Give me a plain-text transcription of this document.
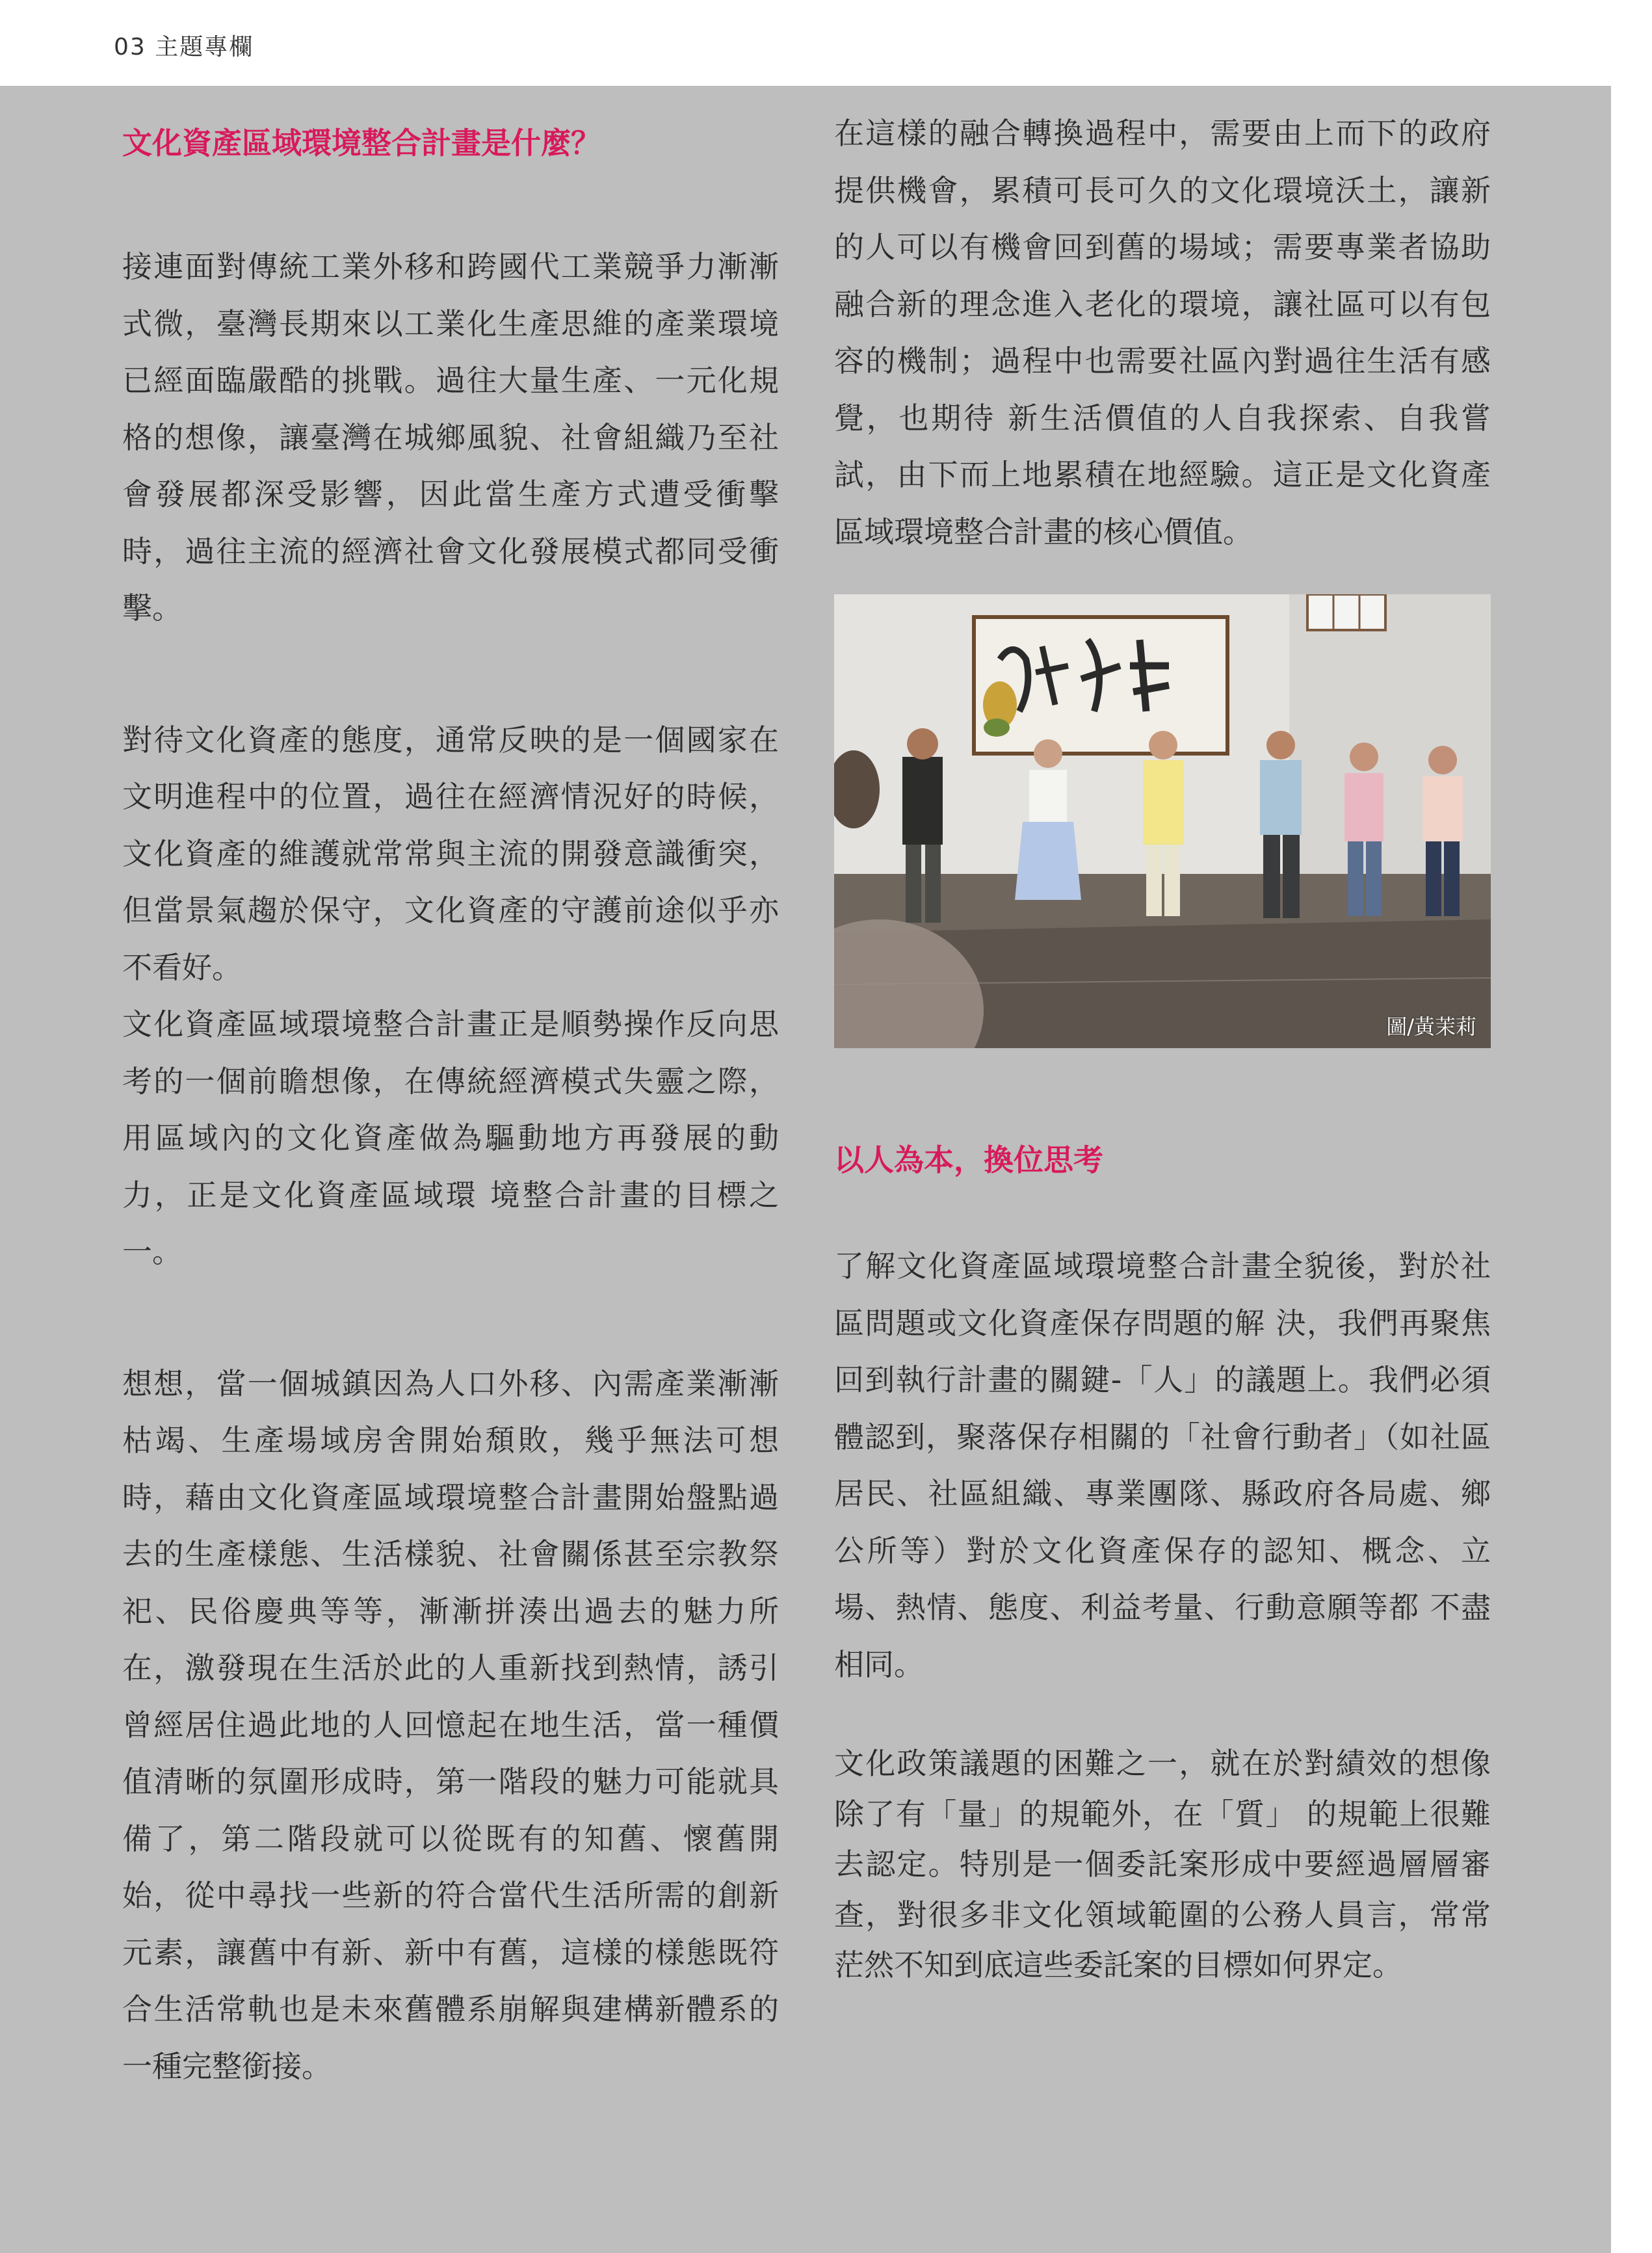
03 主題專欄
文化資產區域環境整合計畫是什麼？

接連面對傳統工業外移和跨國代工業競爭力漸漸式微，臺灣長期來以工業化生產思維的產業環境已經面臨嚴酷的挑戰。過往大量生產、一元化規格的想像，讓臺灣在城鄉風貌、社會組織乃至社會發展都深受影響，因此當生產方式遭受衝擊時，過往主流的經濟社會文化發展模式都同受衝擊。

對待文化資產的態度，通常反映的是一個國家在文明進程中的位置，過往在經濟情況好的時候，文化資產的維護就常常與主流的開發意識衝突，但當景氣趨於保守，文化資產的守護前途似乎亦不看好。

文化資產區域環境整合計畫正是順勢操作反向思考的一個前瞻想像，在傳統經濟模式失靈之際，用區域內的文化資產做為驅動地方再發展的動力，正是文化資產區域環 境整合計畫的目標之一。

想想，當一個城鎮因為人口外移、內需產業漸漸枯竭、生產場域房舍開始頹敗，幾乎無法可想時，藉由文化資產區域環境整合計畫開始盤點過去的生產樣態、生活樣貌、社會關係甚至宗教祭祀、民俗慶典等等，漸漸拼湊出過去的魅力所在，激發現在生活於此的人重新找到熱情，誘引曾經居住過此地的人回憶起在地生活，當一種價值清晰的氛圍形成時，第一階段的魅力可能就具備了，第二階段就可以從既有的知舊、懷舊開始，從中尋找一些新的符合當代生活所需的創新元素，讓舊中有新、新中有舊，這樣的樣態既符合生活常軌也是未來舊體系崩解與建構新體系的一種完整銜接。

在這樣的融合轉換過程中，需要由上而下的政府提供機會，累積可長可久的文化環境沃土，讓新的人可以有機會回到舊的場域；需要專業者協助融合新的理念進入老化的環境，讓社區可以有包容的機制；過程中也需要社區內對過往生活有感覺，也期待 新生活價值的人自我探索、自我嘗試，由下而上地累積在地經驗。這正是文化資產區域環境整合計畫的核心價值。

圖/黃茉莉
以人為本，換位思考

了解文化資產區域環境整合計畫全貌後，對於社區問題或文化資產保存問題的解 決，我們再聚焦回到執行計畫的關鍵-「人」的議題上。我們必須體認到，聚落保存相關的「社會行動者」（如社區居民、社區組織、專業團隊、縣政府各局處、鄉公所等）對於文化資產保存的認知、概念、立場、熱情、態度、利益考量、行動意願等都 不盡相同。

文化政策議題的困難之一，就在於對績效的想像除了有「量」的規範外，在「質」 的規範上很難去認定。特別是一個委託案形成中要經過層層審查，對很多非文化領域範圍的公務人員言，常常茫然不知到底這些委託案的目標如何界定。
